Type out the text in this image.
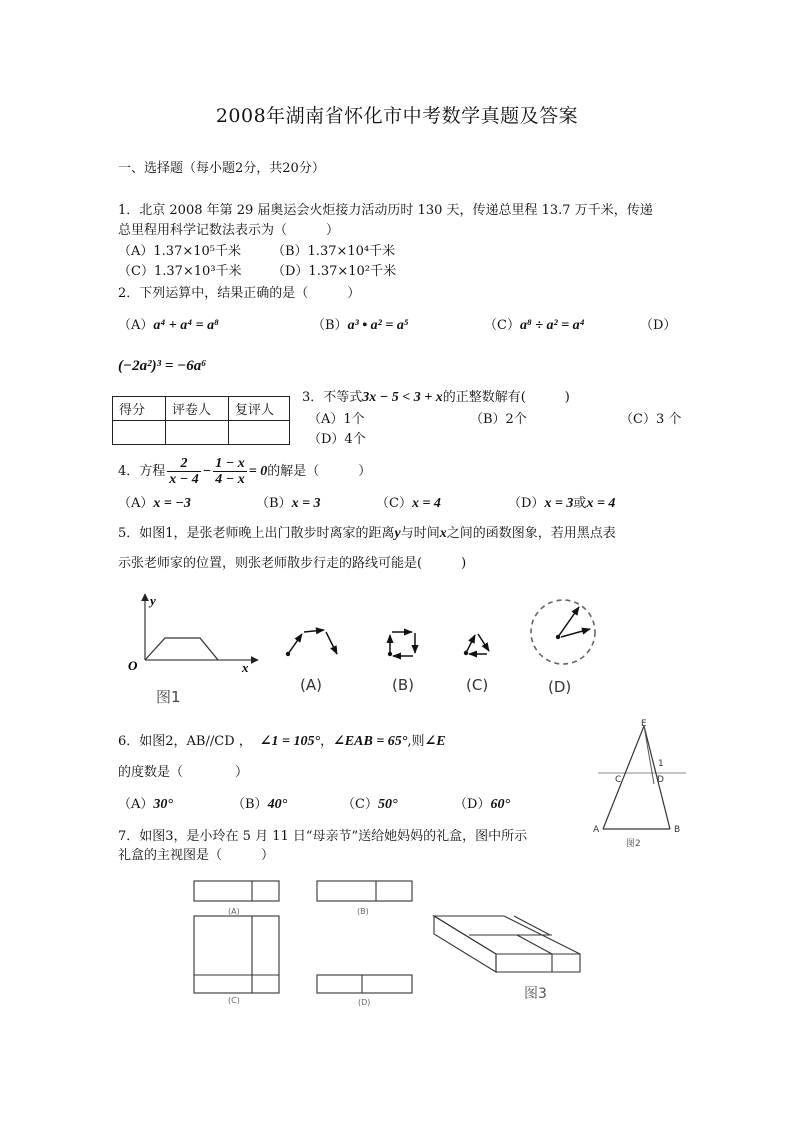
2008年湖南省怀化市中考数学真题及答案
一、选择题（每小题2分，共20分）
1．北京 2008 年第 29 届奥运会火炬接力活动历时 130 天，传递总里程 13.7 万千米，传递
总里程用科学记数法表示为（　　　）
（A）1.37×10⁵千米 （B）1.37×10⁴千米
（C）1.37×10³千米 （D）1.37×10²千米
2．下列运算中，结果正确的是（　　　）
（A）a⁴ + a⁴ = a⁸	（B）a³ • a² = a⁵	（C）a⁸ ÷ a² = a⁴	（D）
(−2a²)³ = −6a⁶
得分	评卷人	复评人

3．不等式3x − 5 < 3 + x的正整数解有(　　　)
（A）1个	（B）2个	（C）3 个
（D）4个
4．方程 $\frac{2}{x - 4} - \frac{1 - x}{4 - x} = 0$的解是（　　　）
（A）x = −3	（B）x = 3	（C）x = 4	（D）x = 3或x = 4
5．如图1，是张老师晚上出门散步时离家的距离y与时间x之间的函数图象，若用黑点表
示张老师家的位置，则张老师散步行走的路线可能是(　　　)
y
O	x
图1
(A)	(B)	(C)	(D)
6．如图2，AB//CD ， ∠1 = 105°，∠EAB = 65°,则∠E
的度数是（　　　　）
（A）30°	（B）40°	（C）50°	（D）60°
E
C	D
1
A	B
图2
7．如图3，是小玲在 5 月 11 日“母亲节”送给她妈妈的礼盒，图中所示
礼盒的主视图是（　　　）
(A)	(B)
(C)	(D)
图3
